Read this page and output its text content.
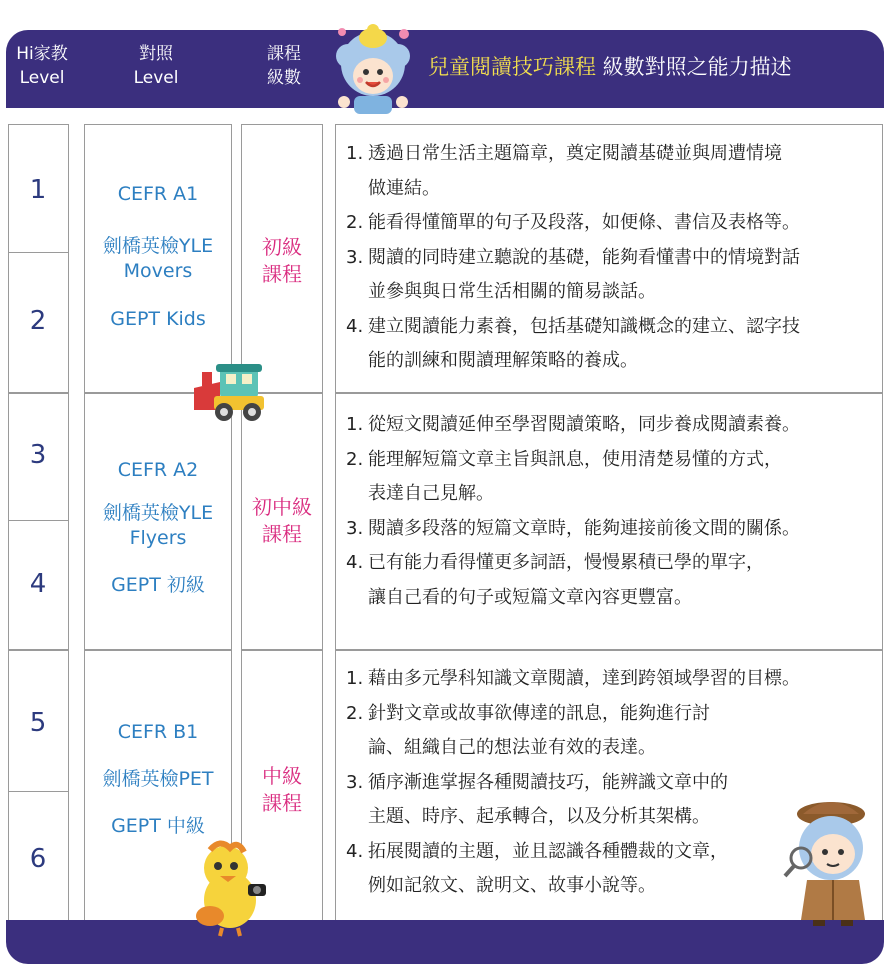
Hi家教
Level
對照
Level
課程
級數	兒童閱讀技巧課程 級數對照之能力描述
1
2
3
4
5
6
CEFR A1
劍橋英檢YLE
Movers
GEPT Kids
CEFR A2
劍橋英檢YLE
Flyers
GEPT 初級
CEFR B1
劍橋英檢PET
GEPT 中級
初級
課程
初中級
課程
中級
課程
1. 透過日常生活主題篇章，奠定閱讀基礎並與周遭情境
做連結。
2. 能看得懂簡單的句子及段落，如便條、書信及表格等。
3. 閱讀的同時建立聽說的基礎，能夠看懂書中的情境對話
並參與與日常生活相關的簡易談話。
4. 建立閱讀能力素養，包括基礎知識概念的建立、認字技
能的訓練和閱讀理解策略的養成。
1. 從短文閱讀延伸至學習閱讀策略，同步養成閱讀素養。
2. 能理解短篇文章主旨與訊息，使用清楚易懂的方式，
表達自己見解。
3. 閱讀多段落的短篇文章時，能夠連接前後文間的關係。
4. 已有能力看得懂更多詞語，慢慢累積已學的單字，
讓自己看的句子或短篇文章內容更豐富。
1. 藉由多元學科知識文章閱讀，達到跨領域學習的目標。
2. 針對文章或故事欲傳達的訊息，能夠進行討
論、組織自己的想法並有效的表達。
3. 循序漸進掌握各種閱讀技巧，能辨識文章中的
主題、時序、起承轉合，以及分析其架構。
4. 拓展閱讀的主題，並且認識各種體裁的文章，
例如記敘文、說明文、故事小說等。
